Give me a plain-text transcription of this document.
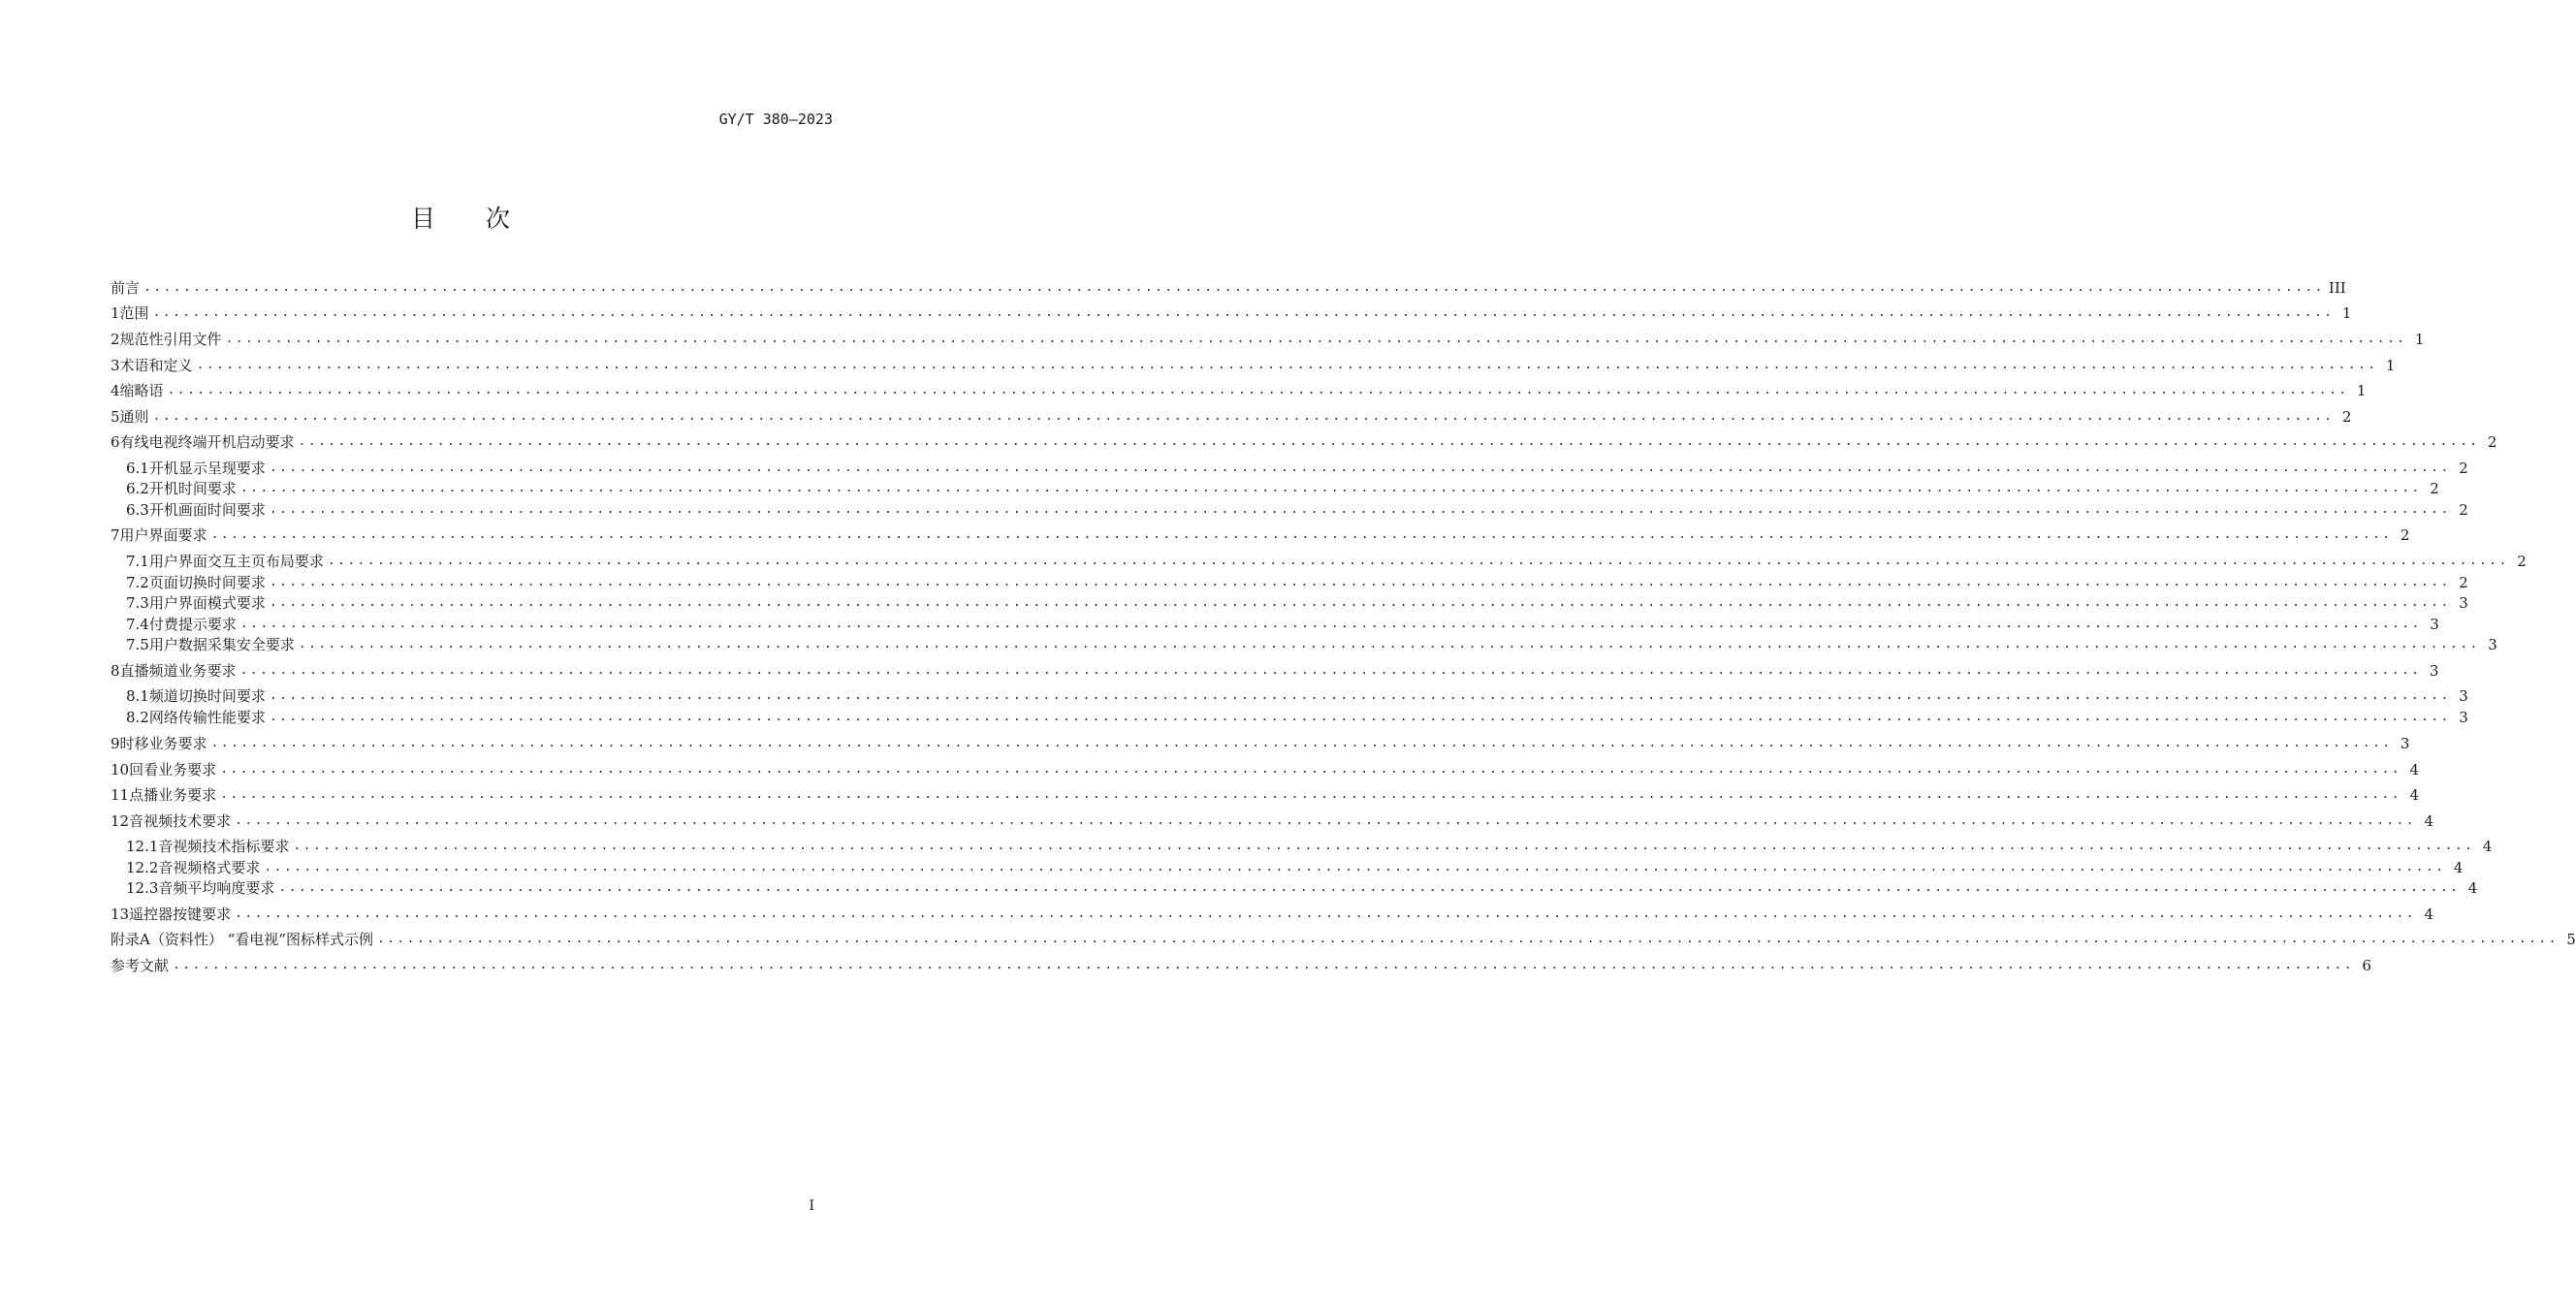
GY/T 380—2023
目 次
前言 ............................................................................................................................................................................................................................ III
1 范围 ............................................................................................................................................................................................................................ 1
2 规范性引用文件 ............................................................................................................................................................................................................................ 1
3 术语和定义 ............................................................................................................................................................................................................................ 1
4 缩略语 ............................................................................................................................................................................................................................ 1
5 通则 ............................................................................................................................................................................................................................ 2
6 有线电视终端开机启动要求 ............................................................................................................................................................................................................................ 2
6.1 开机显示呈现要求 ............................................................................................................................................................................................................................ 2
6.2 开机时间要求 ............................................................................................................................................................................................................................ 2
6.3 开机画面时间要求 ............................................................................................................................................................................................................................ 2
7 用户界面要求 ............................................................................................................................................................................................................................ 2
7.1 用户界面交互主页布局要求 ............................................................................................................................................................................................................................ 2
7.2 页面切换时间要求 ............................................................................................................................................................................................................................ 2
7.3 用户界面模式要求 ............................................................................................................................................................................................................................ 3
7.4 付费提示要求 ............................................................................................................................................................................................................................ 3
7.5 用户数据采集安全要求 ............................................................................................................................................................................................................................ 3
8 直播频道业务要求 ............................................................................................................................................................................................................................ 3
8.1 频道切换时间要求 ............................................................................................................................................................................................................................ 3
8.2 网络传输性能要求 ............................................................................................................................................................................................................................ 3
9 时移业务要求 ............................................................................................................................................................................................................................ 3
10 回看业务要求 ............................................................................................................................................................................................................................ 4
11 点播业务要求 ............................................................................................................................................................................................................................ 4
12 音视频技术要求 ............................................................................................................................................................................................................................ 4
12.1 音视频技术指标要求 ............................................................................................................................................................................................................................ 4
12.2 音视频格式要求 ............................................................................................................................................................................................................................ 4
12.3 音频平均响度要求 ............................................................................................................................................................................................................................ 4
13 遥控器按键要求 ............................................................................................................................................................................................................................ 4
附录A（资料性） “看电视”图标样式示例 ............................................................................................................................................................................................................................ 5
参考文献 ............................................................................................................................................................................................................................ 6
I
